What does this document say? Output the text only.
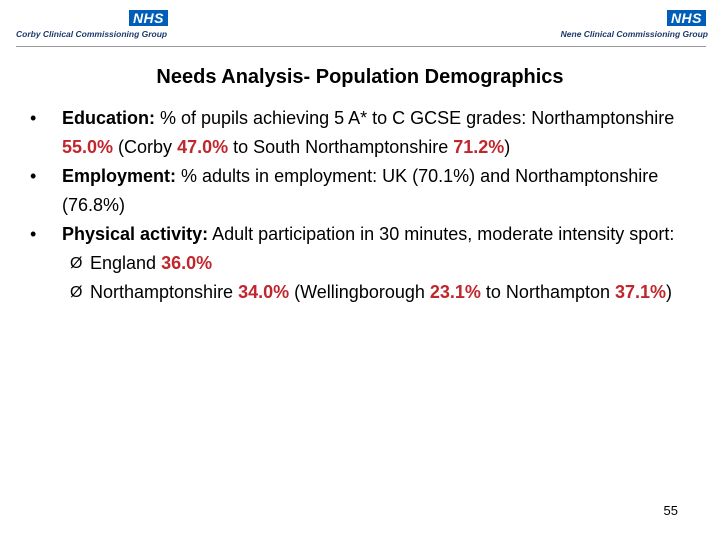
NHS
Corby Clinical Commissioning Group
NHS
Nene Clinical Commissioning Group
Needs Analysis- Population Demographics
•	Education: % of pupils achieving 5 A* to C GCSE grades: Northamptonshire 55.0% (Corby 47.0% to South Northamptonshire 71.2%)
•	Employment: % adults in employment: UK (70.1%) and Northamptonshire (76.8%)
•	Physical activity: Adult participation in 30 minutes, moderate intensity sport:
Ø England 36.0%
Ø Northamptonshire 34.0% (Wellingborough 23.1% to Northampton 37.1%)
55
